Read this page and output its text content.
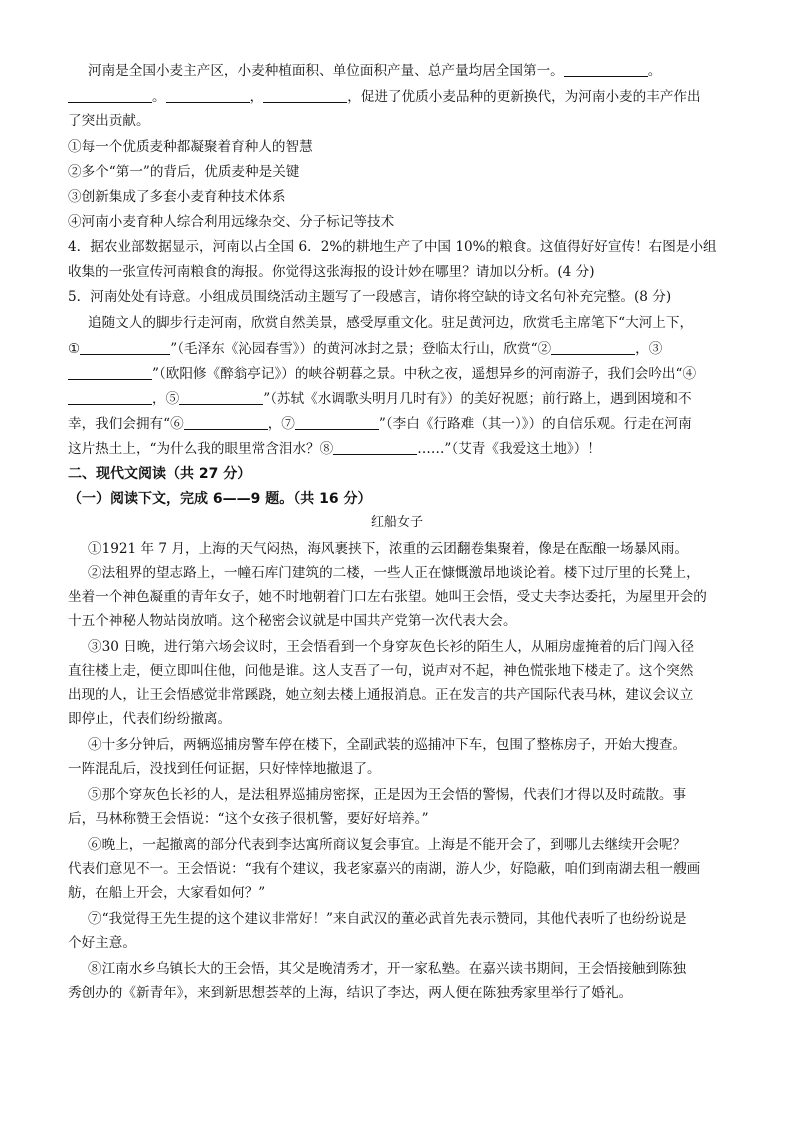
河南是全国小麦主产区，小麦种植面积、单位面积产量、总产量均居全国第一。	。
。	，	，促进了优质小麦品种的更新换代，为河南小麦的丰产作出
了突出贡献。
①每一个优质麦种都凝聚着育种人的智慧
②多个“第一”的背后，优质麦种是关键
③创新集成了多套小麦育种技术体系
④河南小麦育种人综合利用远缘杂交、分子标记等技术
4．据农业部数据显示，河南以占全国 6．2%的耕地生产了中国 10%的粮食。这值得好好宣传！右图是小组
收集的一张宣传河南粮食的海报。你觉得这张海报的设计妙在哪里？请加以分析。(4 分)
5．河南处处有诗意。小组成员围绕活动主题写了一段感言，请你将空缺的诗文名句补充完整。(8 分)
追随文人的脚步行走河南，欣赏自然美景，感受厚重文化。驻足黄河边，欣赏毛主席笔下“大河上下，
①	”（毛泽东《沁园春雪》）的黄河冰封之景；登临太行山，欣赏“②	，③
”（欧阳修《醉翁亭记》）的峡谷朝暮之景。中秋之夜，遥想异乡的河南游子，我们会吟出“④
，⑤	”（苏轼《水调歌头明月几时有》）的美好祝愿；前行路上，遇到困境和不
幸，我们会拥有“⑥	，⑦	”（李白《行路难（其一）》）的自信乐观。行走在河南
这片热土上，“为什么我的眼里常含泪水？⑧	……”（艾青《我爱这土地》）！
二、现代文阅读（共 27 分）
（一）阅读下文，完成 6——9 题。（共 16 分）
红船女子
①1921 年 7 月，上海的天气闷热，海风裹挟下，浓重的云团翻卷集聚着，像是在酝酿一场暴风雨。
②法租界的望志路上，一幢石库门建筑的二楼，一些人正在慷慨激昂地谈论着。楼下过厅里的长凳上，
坐着一个神色凝重的青年女子，她不时地朝着门口左右张望。她叫王会悟，受丈夫李达委托，为屋里开会的
十五个神秘人物站岗放哨。这个秘密会议就是中国共产党第一次代表大会。
③30 日晚，进行第六场会议时，王会悟看到一个身穿灰色长衫的陌生人，从厢房虚掩着的后门闯入径
直往楼上走，便立即叫住他，问他是谁。这人支吾了一句，说声对不起，神色慌张地下楼走了。这个突然
出现的人，让王会悟感觉非常蹊跷，她立刻去楼上通报消息。正在发言的共产国际代表马林，建议会议立
即停止，代表们纷纷撤离。
④十多分钟后，两辆巡捕房警车停在楼下，全副武装的巡捕冲下车，包围了整栋房子，开始大搜查。
一阵混乱后，没找到任何证据，只好悻悻地撤退了。
⑤那个穿灰色长衫的人，是法租界巡捕房密探，正是因为王会悟的警惕，代表们才得以及时疏散。事
后，马林称赞王会悟说：“这个女孩子很机警，要好好培养。”
⑥晚上，一起撤离的部分代表到李达寓所商议复会事宜。上海是不能开会了，到哪儿去继续开会呢？
代表们意见不一。王会悟说：“我有个建议，我老家嘉兴的南湖，游人少，好隐蔽，咱们到南湖去租一艘画
舫，在船上开会，大家看如何？”
⑦“我觉得王先生提的这个建议非常好！”来自武汉的董必武首先表示赞同，其他代表听了也纷纷说是
个好主意。
⑧江南水乡乌镇长大的王会悟，其父是晚清秀才，开一家私塾。在嘉兴读书期间，王会悟接触到陈独
秀创办的《新青年》，来到新思想荟萃的上海，结识了李达，两人便在陈独秀家里举行了婚礼。
